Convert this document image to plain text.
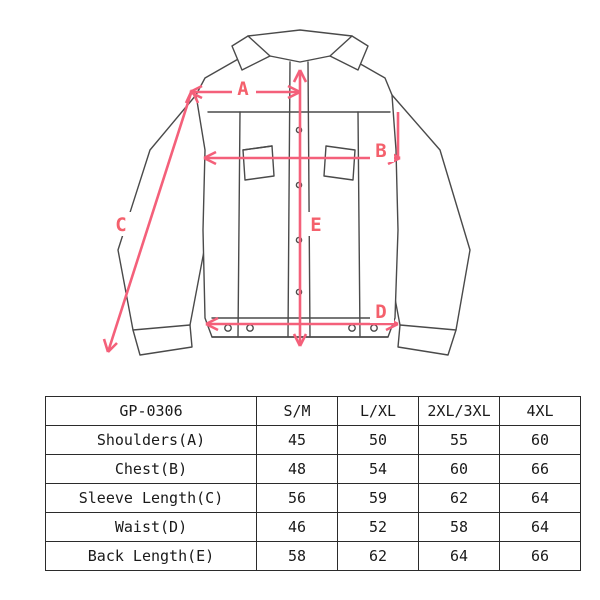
A
B
C
D
E
GP-0306	S/M	L/XL	2XL/3XL	4XL
Shoulders(A)	45	50	55	60
Chest(B)	48	54	60	66
Sleeve Length(C)	56	59	62	64
Waist(D)	46	52	58	64
Back Length(E)	58	62	64	66
